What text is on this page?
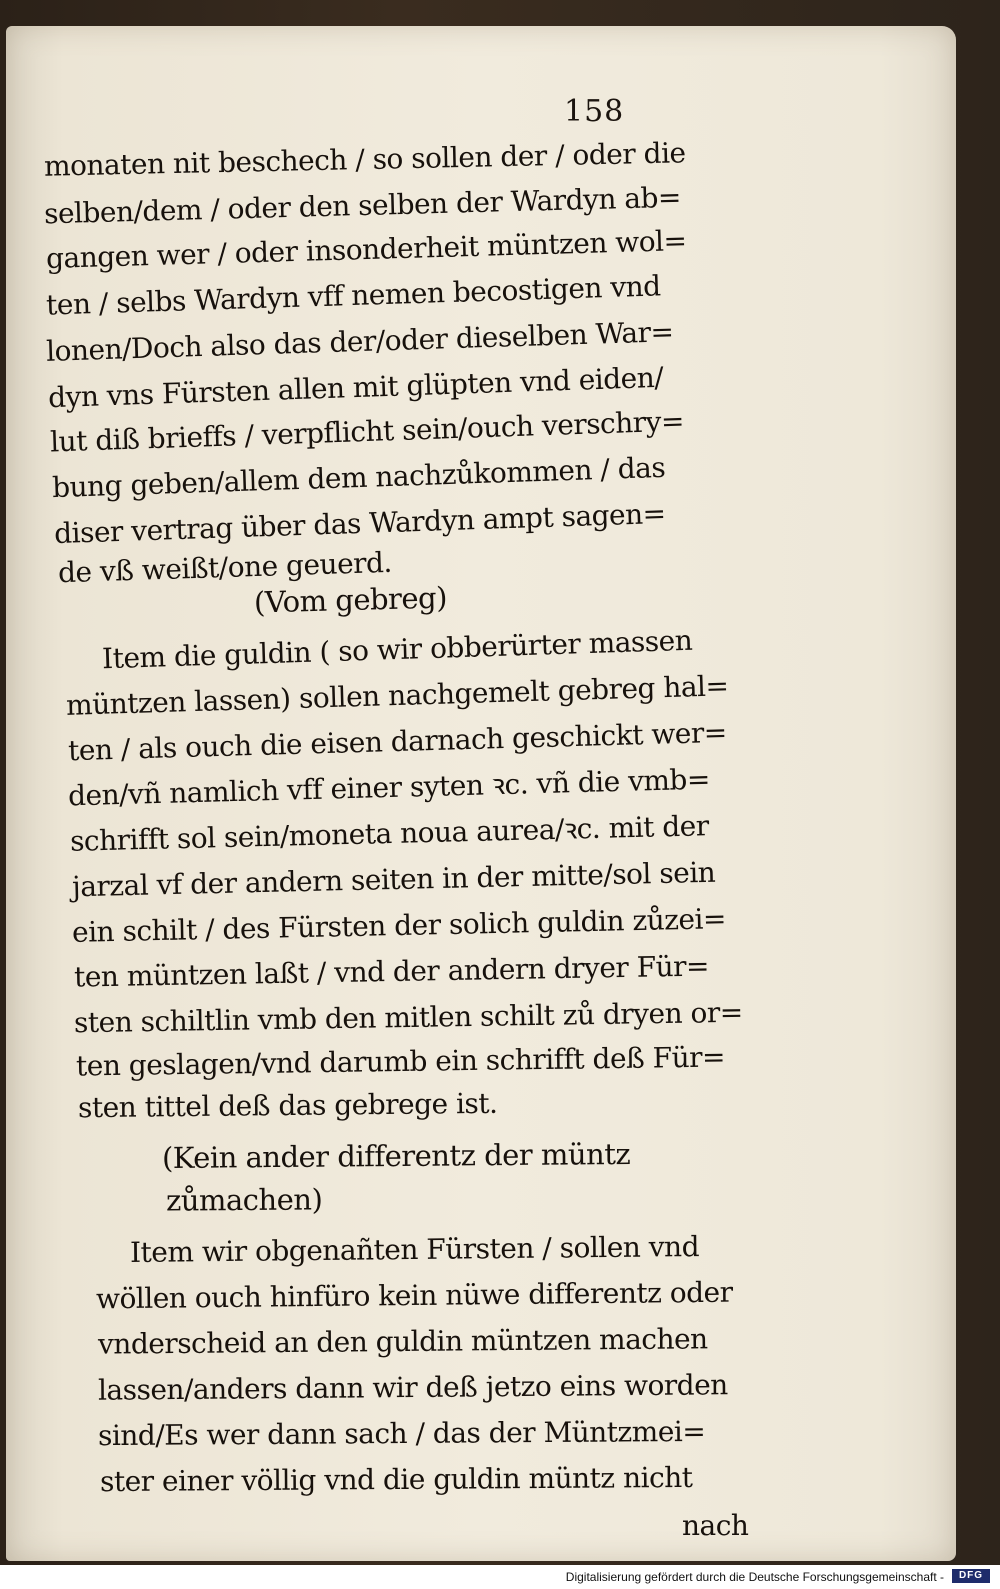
158
monaten nit beschech / so sollen der / oder die
selben/dem / oder den selben der Wardyn ab=
gangen wer / oder insonderheit müntzen wol=
ten / selbs Wardyn vff nemen becostigen vnd
lonen/Doch also das der/oder dieselben War=
dyn vns Fürsten allen mit glüpten vnd eiden/
lut diß brieffs / verpflicht sein/ouch verschry=
bung geben/allem dem nachzůkommen / das
diser vertrag über das Wardyn ampt sagen=
de vß weißt/one geuerd.
(Vom gebreg)
Item die guldin ( so wir obberürter massen
müntzen lassen) sollen nachgemelt gebreg hal=
ten / als ouch die eisen darnach geschickt wer=
den/vñ namlich vff einer syten ꝛc. vñ die vmb=
schrifft sol sein/moneta noua aurea/ꝛc. mit der
jarzal vf der andern seiten in der mitte/sol sein
ein schilt / des Fürsten der solich guldin zůzei=
ten müntzen laßt / vnd der andern dryer Für=
sten schiltlin vmb den mitlen schilt zů dryen or=
ten geslagen/vnd darumb ein schrifft deß Für=
sten tittel deß das gebrege ist.
(Kein ander differentz der müntz
zůmachen)
Item wir obgenañten Fürsten / sollen vnd
wöllen ouch hinfüro kein nüwe differentz oder
vnderscheid an den guldin müntzen machen
lassen/anders dann wir deß jetzo eins worden
sind/Es wer dann sach / das der Müntzmei=
ster einer völlig vnd die guldin müntz nicht
nach
Digitalisierung gefördert durch die Deutsche Forschungsgemeinschaft -	DFG
